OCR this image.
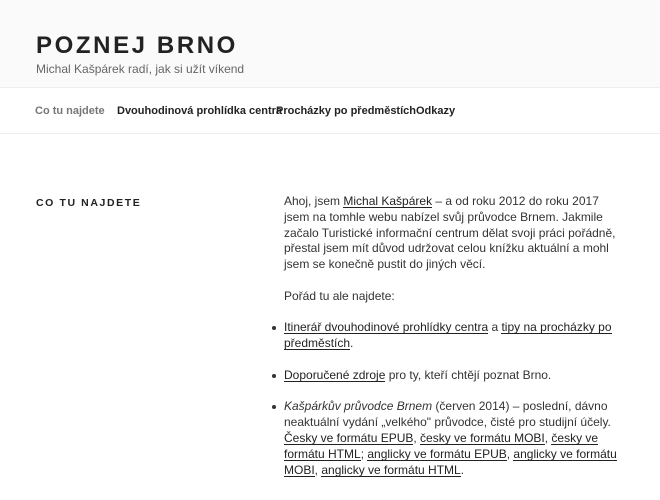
POZNEJ BRNO
Michal Kašpárek radí, jak si užít víkend
Co tu najdete Dvouhodinová prohlídka centra
Procházky po předměstích Odkazy
CO TU NAJDETE	Ahoj, jsem Michal Kašpárek – a od roku 2012 do roku 2017 jsem na tomhle webu nabízel svůj průvodce Brnem. Jakmile začalo Turistické informační centrum dělat svoji práci pořádně, přestal jsem mít důvod udržovat celou knížku aktuální a mohl jsem se konečně pustit do jiných věcí.

Pořád tu ale najdete:

Itinerář dvouhodinové prohlídky centra a tipy na procházky po předměstích.
Doporučené zdroje pro ty, kteří chtějí poznat Brno.
Kašpárkův průvodce Brnem (červen 2014) – poslední, dávno neaktuální vydání „velkého" průvodce, čisté pro studijní účely. Česky ve formátu EPUB, česky ve formátu MOBI, česky ve formátu HTML; anglicky ve formátu EPUB, anglicky ve formátu MOBI, anglicky ve formátu HTML.
